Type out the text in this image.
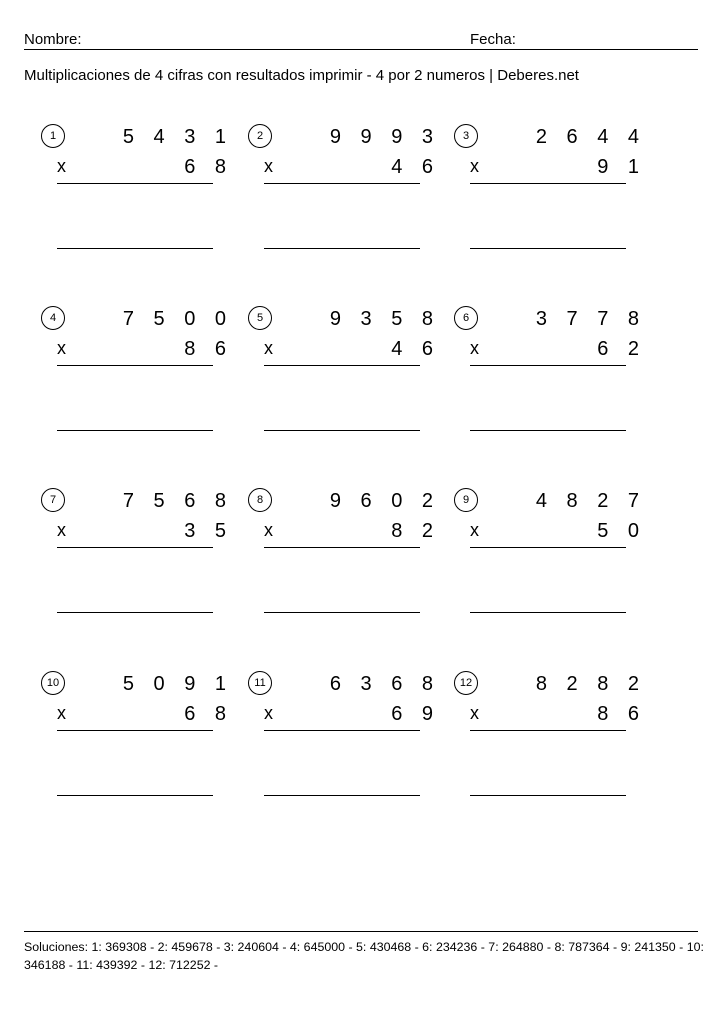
Nombre:	Fecha:
Multiplicaciones de 4 cifras con resultados imprimir - 4 por 2 numeros | Deberes.net
1	5 4 3 1
x	6 8
2	9 9 9 3
x	4 6
3	2 6 4 4
x	9 1
4	7 5 0 0
x	8 6
5	9 3 5 8
x	4 6
6	3 7 7 8
x	6 2
7	7 5 6 8
x	3 5
8	9 6 0 2
x	8 2
9	4 8 2 7
x	5 0
10	5 0 9 1
x	6 8
11	6 3 6 8
x	6 9
12	8 2 8 2
x	8 6
Soluciones: 1: 369308 - 2: 459678 - 3: 240604 - 4: 645000 - 5: 430468 - 6: 234236 - 7: 264880 - 8: 787364 - 9: 241350 - 10: 346188 - 11: 439392 - 12: 712252 -
